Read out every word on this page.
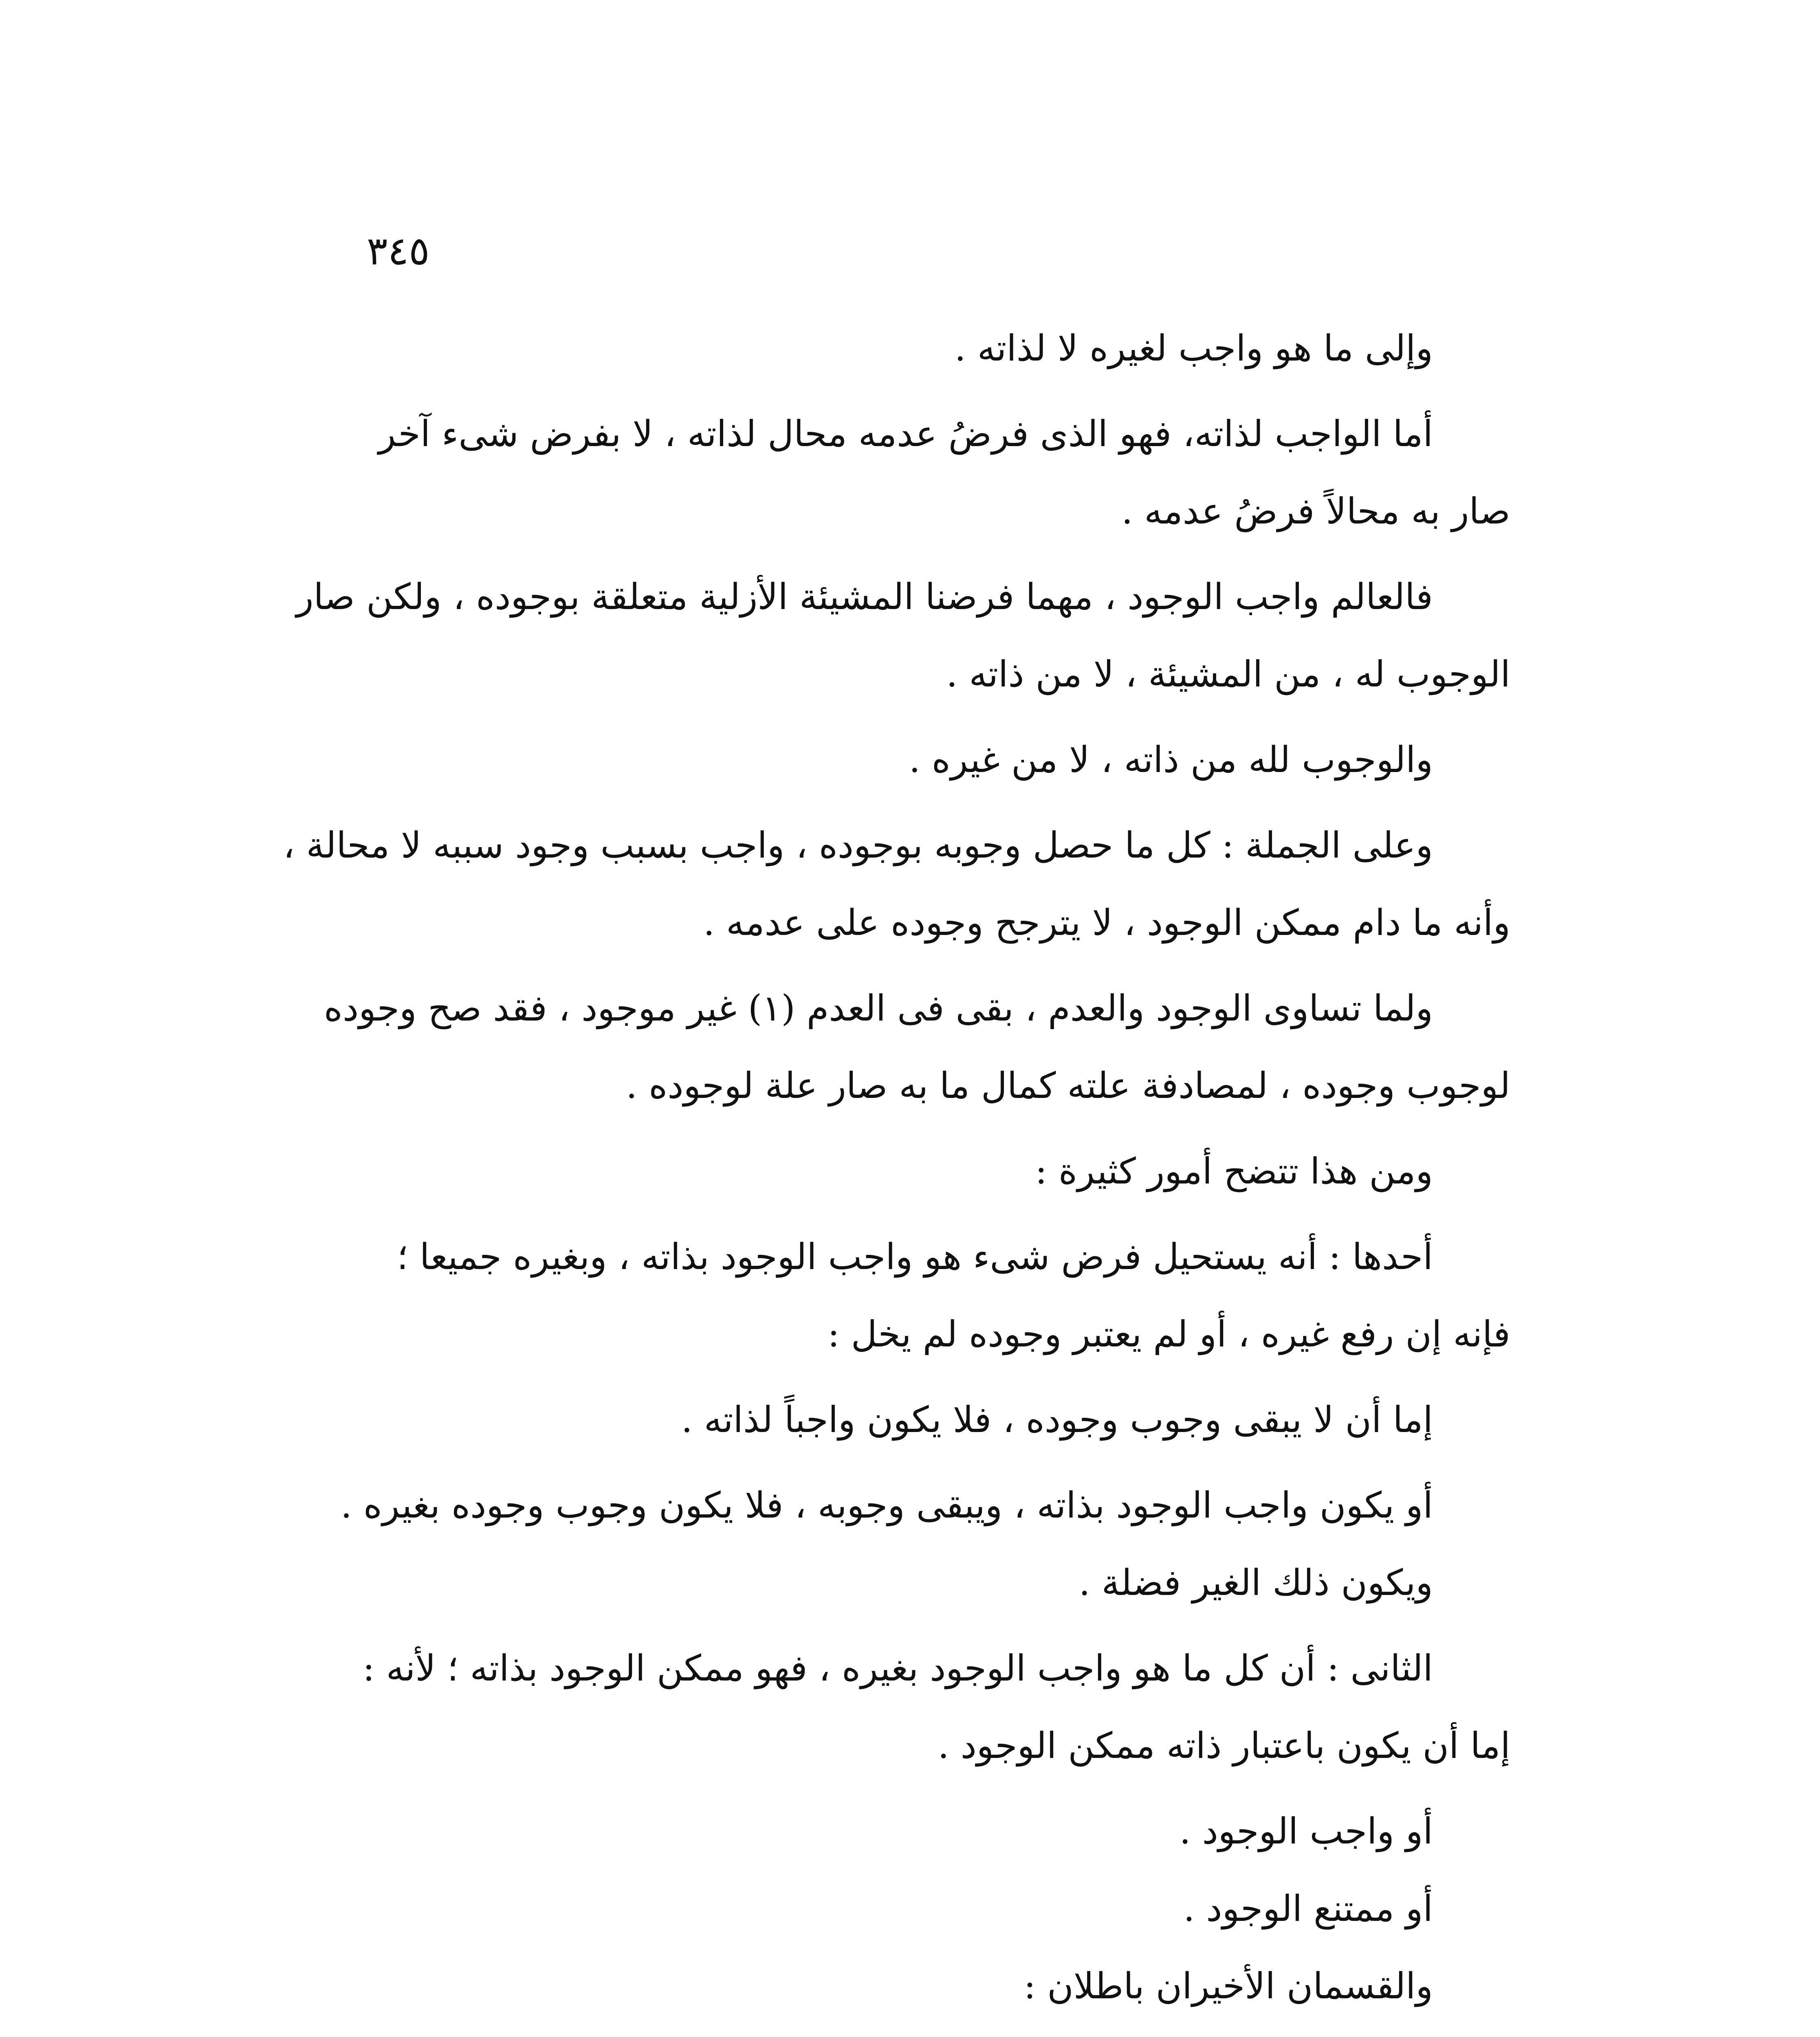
٣٤٥
وإلى ما هو واجب لغيره لا لذاته .
أما الواجب لذاته، فهو الذى فرضُ عدمه محال لذاته ، لا بفرض شىء آخر
صار به محالاً فرضُ عدمه .
فالعالم واجب الوجود ، مهما فرضنا المشيئة الأزلية متعلقة بوجوده ، ولكن صار
الوجوب له ، من المشيئة ، لا من ذاته .
والوجوب لله من ذاته ، لا من غيره .
وعلى الجملة : كل ما حصل وجوبه بوجوده ، واجب بسبب وجود سببه لا محالة ،
وأنه ما دام ممكن الوجود ، لا يترجح وجوده على عدمه .
ولما تساوى الوجود والعدم ، بقى فى العدم (١) غير موجود ، فقد صح وجوده
لوجوب وجوده ، لمصادفة علته كمال ما به صار علة لوجوده .
ومن هذا تتضح أمور كثيرة :
أحدها : أنه يستحيل فرض شىء هو واجب الوجود بذاته ، وبغيره جميعا ؛
فإنه إن رفع غيره ، أو لم يعتبر وجوده لم يخل :
إما أن لا يبقى وجوب وجوده ، فلا يكون واجباً لذاته .
أو يكون واجب الوجود بذاته ، ويبقى وجوبه ، فلا يكون وجوب وجوده بغيره .
ويكون ذلك الغير فضلة .
الثانى : أن كل ما هو واجب الوجود بغيره ، فهو ممكن الوجود بذاته ؛ لأنه :
إما أن يكون باعتبار ذاته ممكن الوجود .
أو واجب الوجود .
أو ممتنع الوجود .
والقسمان الأخيران باطلان :
